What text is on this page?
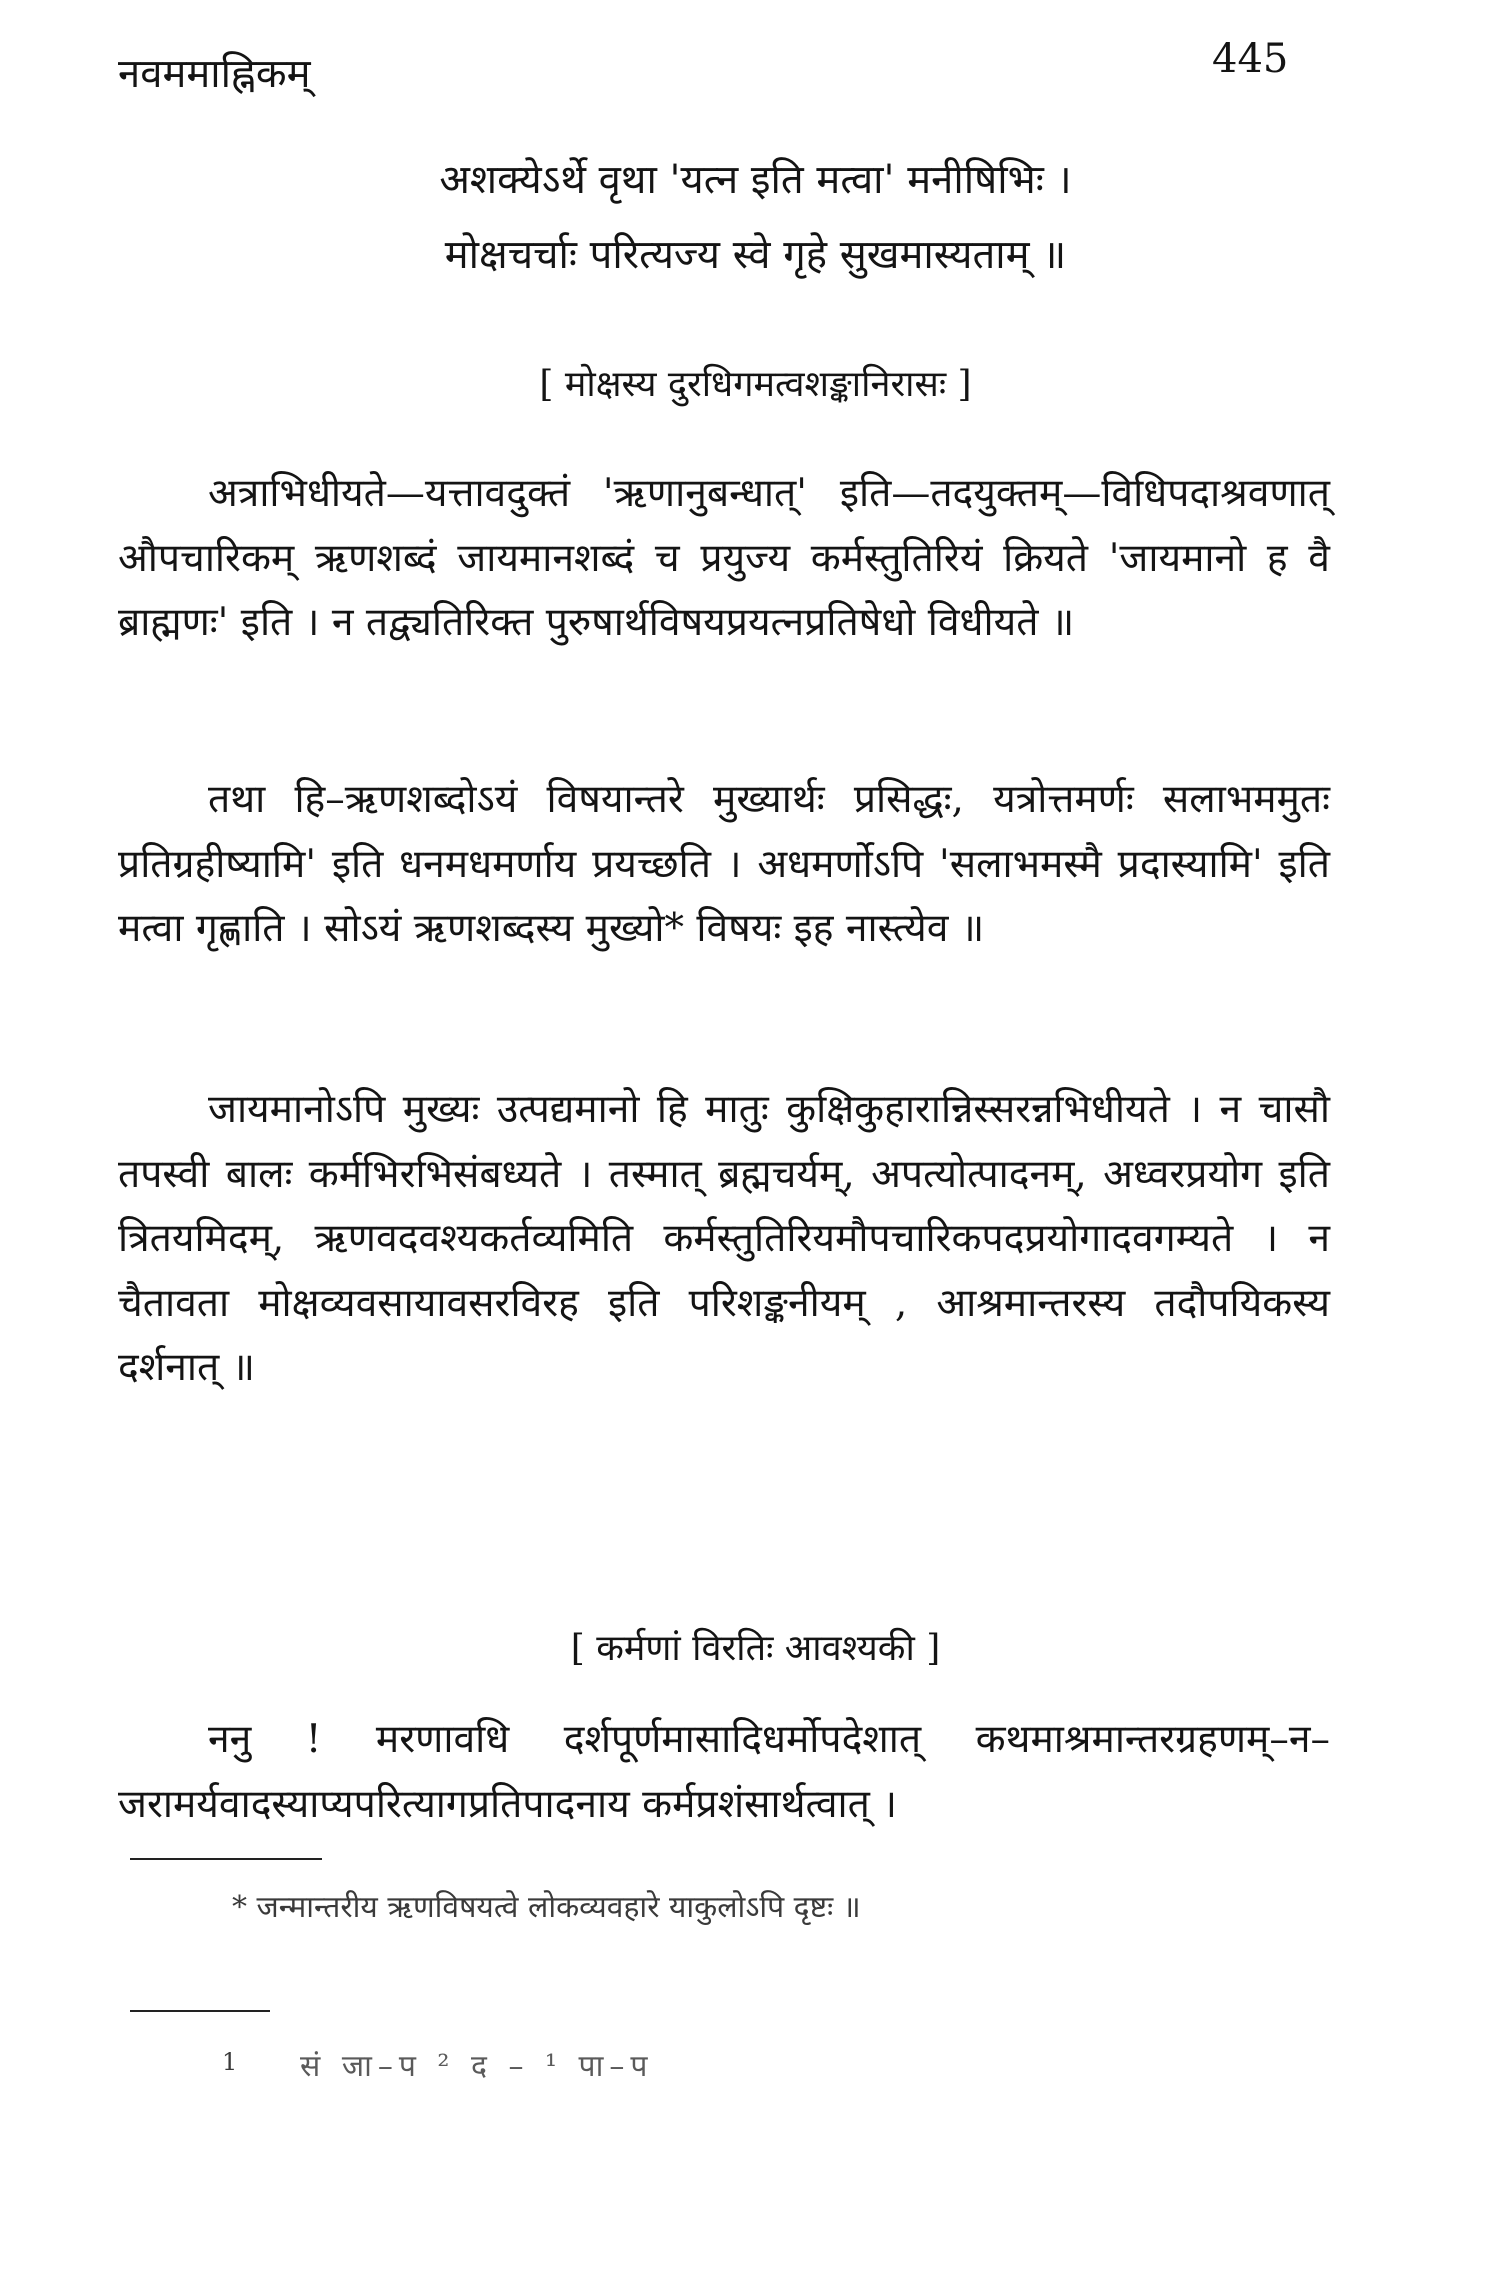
नवममाह्निकम्	445
अशक्येऽर्थे वृथा 'यत्न इति मत्वा' मनीषिभिः ।
मोक्षचर्चाः परित्यज्य स्वे गृहे सुखमास्यताम् ॥
[ मोक्षस्य दुरधिगमत्वशङ्कानिरासः ]

अत्राभिधीयते—यत्तावदुक्तं 'ऋणानुबन्धात्' इति—तदयुक्तम्—विधिपदाश्रवणात् औपचारिकम् ऋणशब्दं जायमानशब्दं च प्रयुज्य कर्मस्तुतिरियं क्रियते 'जायमानो ह वै ब्राह्मणः' इति । न तद्व्यतिरिक्त पुरुषार्थविषयप्रयत्नप्रतिषेधो विधीयते ॥

तथा हि–ऋणशब्दोऽयं विषयान्तरे मुख्यार्थः प्रसिद्धः, यत्रोत्तमर्णः सलाभममुतः प्रतिग्रहीष्यामि' इति धनमधमर्णाय प्रयच्छति । अधमर्णोऽपि 'सलाभमस्मै प्रदास्यामि' इति मत्वा गृह्णाति । सोऽयं ऋणशब्दस्य मुख्यो* विषयः इह नास्त्येव ॥

जायमानोऽपि मुख्यः उत्पद्यमानो हि मातुः कुक्षिकुहारान्निस्सरन्नभिधीयते । न चासौ तपस्वी बालः कर्मभिरभिसंबध्यते । तस्मात् ब्रह्मचर्यम्, अपत्योत्पादनम्, अध्वरप्रयोग इति त्रितयमिदम्, ऋणवदवश्यकर्तव्यमिति कर्मस्तुतिरियमौपचारिकपदप्रयोगादवगम्यते । न चैतावता मोक्षव्यवसायावसरविरह इति परिशङ्कनीयम् , आश्रमान्तरस्य तदौपयिकस्य दर्शनात् ॥

[ कर्मणां विरतिः आवश्यकी ]

ननु ! मरणावधि दर्शपूर्णमासादिधर्मोपदेशात् कथमाश्रमान्तरग्रहणम्–न–जरामर्यवादस्याप्यपरित्यागप्रतिपादनाय कर्मप्रशंसार्थत्वात् ।

* जन्मान्तरीय ऋणविषयत्वे लोकव्यवहारे याकुलोऽपि दृष्टः ॥
1 सं जा–प ² द – ¹ पा–प
